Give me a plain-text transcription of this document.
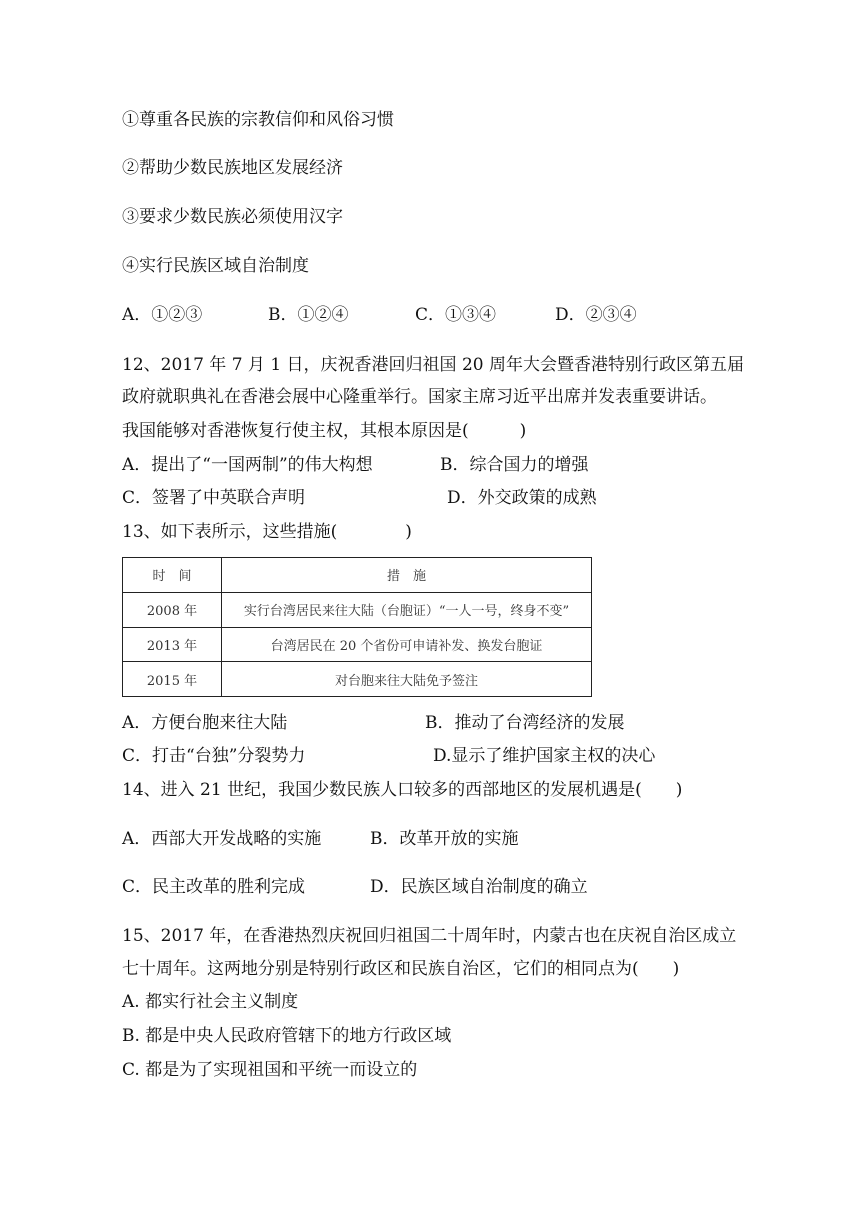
①尊重各民族的宗教信仰和风俗习惯
②帮助少数民族地区发展经济
③要求少数民族必须使用汉字
④实行民族区域自治制度
A．①②③	B．①②④	C．①③④	D．②③④
12、2017 年 7 月 1 日，庆祝香港回归祖国 20 周年大会暨香港特别行政区第五届
政府就职典礼在香港会展中心隆重举行。国家主席习近平出席并发表重要讲话。
我国能够对香港恢复行使主权，其根本原因是(　　　)
A．提出了“一国两制”的伟大构想	B．综合国力的增强
C．签署了中英联合声明	D．外交政策的成熟
13、如下表所示，这些措施(　　　　)
时　间	措　施
2008 年	实行台湾居民来往大陆（台胞证）“一人一号，终身不变”
2013 年	台湾居民在 20 个省份可申请补发、换发台胞证
2015 年	对台胞来往大陆免予签注
A．方便台胞来往大陆	B．推动了台湾经济的发展
C．打击“台独”分裂势力	D.显示了维护国家主权的决心
14、进入 21 世纪，我国少数民族人口较多的西部地区的发展机遇是(　　)
A．西部大开发战略的实施	B．改革开放的实施
C．民主改革的胜利完成	D．民族区域自治制度的确立
15、2017 年，在香港热烈庆祝回归祖国二十周年时，内蒙古也在庆祝自治区成立
七十周年。这两地分别是特别行政区和民族自治区，它们的相同点为(　　)
A. 都实行社会主义制度
B. 都是中央人民政府管辖下的地方行政区域
C. 都是为了实现祖国和平统一而设立的
